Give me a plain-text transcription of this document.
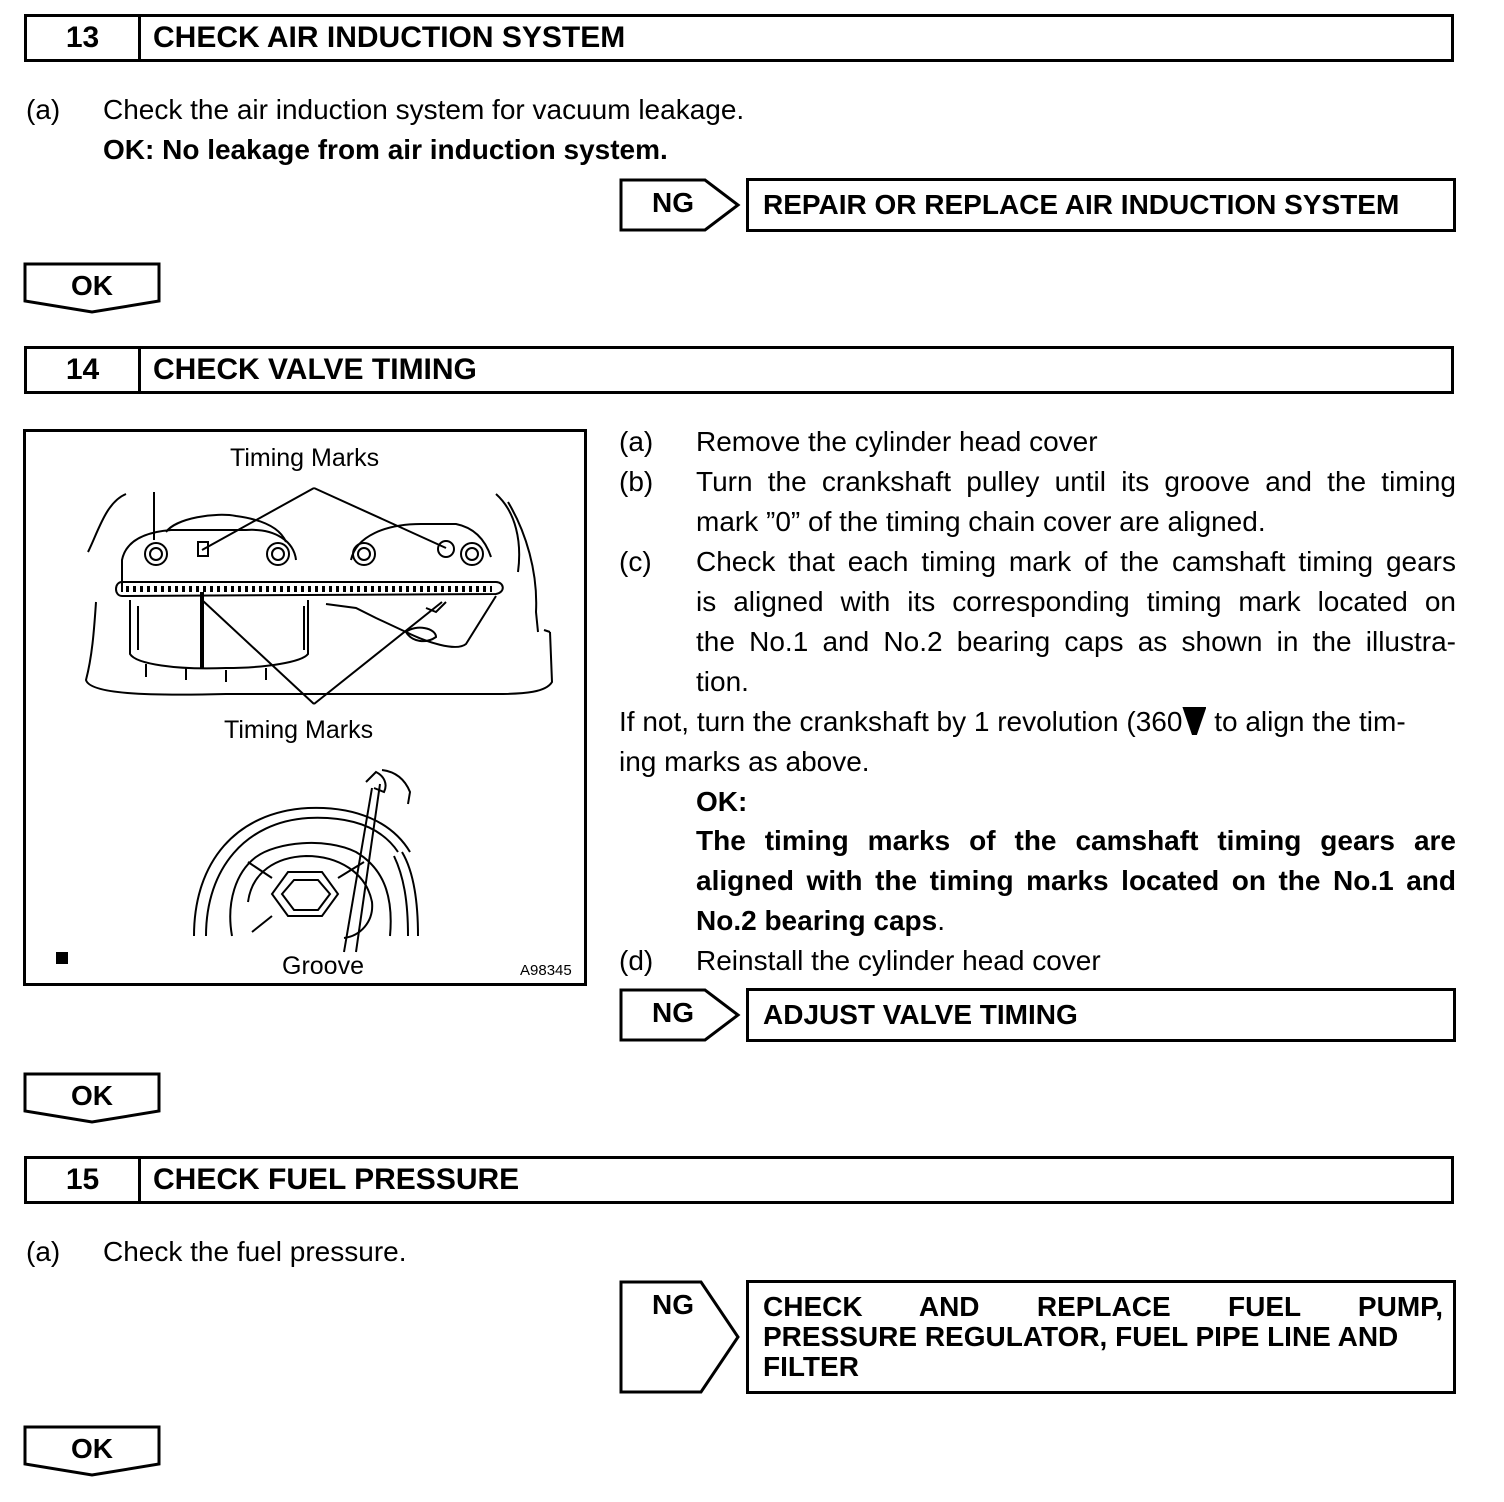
13	CHECK AIR INDUCTION SYSTEM
(a) Check the air induction system for vacuum leakage.
OK: No leakage from air induction system.
NG REPAIR OR REPLACE AIR INDUCTION SYSTEM
OK
14	CHECK VALVE TIMING
Timing Marks
Timing Marks
Groove	A98345
(a) Remove the cylinder head cover
(b) Turn the crankshaft pulley until its groove and the timing
mark ”0” of the timing chain cover are aligned.
(c) Check that each timing mark of the camshaft timing gears
is aligned with its corresponding timing mark located on
the No.1 and No.2 bearing caps as shown in the illustra-
tion.
If not, turn the crankshaft by 1 revolution (360 to align the tim-
ing marks as above.
OK:
The timing marks of the camshaft timing gears are
aligned with the timing marks located on the No.1 and
No.2 bearing caps.
(d) Reinstall the cylinder head cover
NG ADJUST VALVE TIMING
OK
15	CHECK FUEL PRESSURE
(a) Check the fuel pressure.
NG CHECK AND REPLACE FUEL PUMP,
PRESSURE REGULATOR, FUEL PIPE LINE AND
FILTER
OK
